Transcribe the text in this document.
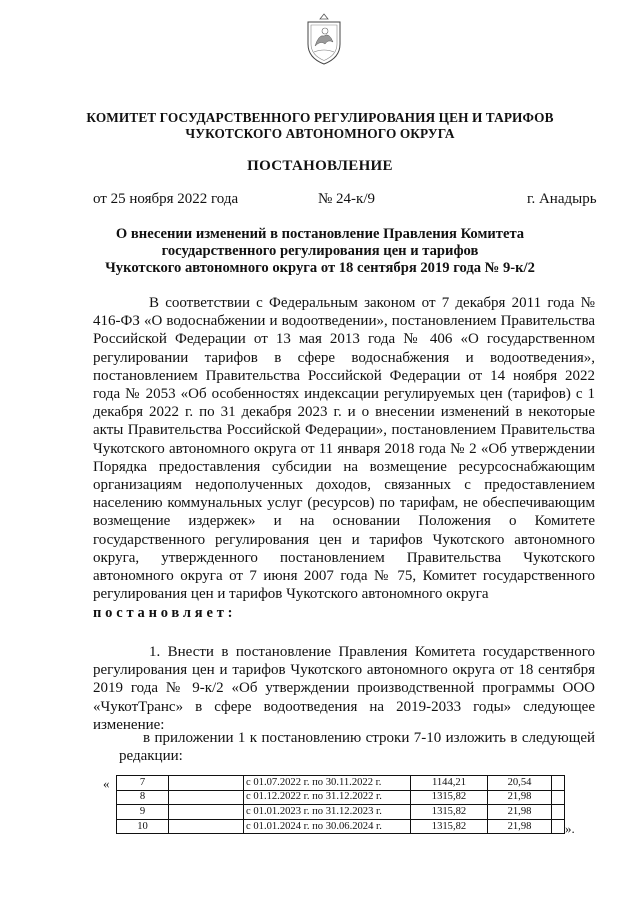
КОМИТЕТ ГОСУДАРСТВЕННОГО РЕГУЛИРОВАНИЯ ЦЕН И ТАРИФОВ
ЧУКОТСКОГО АВТОНОМНОГО ОКРУГА
ПОСТАНОВЛЕНИЕ
от 25 ноября 2022 года	№ 24-к/9	г. Анадырь
О внесении изменений в постановление Правления Комитета
государственного регулирования цен и тарифов
Чукотского автономного округа от 18 сентября 2019 года № 9-к/2

В соответствии с Федеральным законом от 7 декабря 2011 года № 416-ФЗ «О водоснабжении и водоотведении», постановлением Правительства Российской Федерации от 13 мая 2013 года № 406 «О государственном регулировании тарифов в сфере водоснабжения и водоотведения», постановлением Правительства Российской Федерации от 14 ноября 2022 года № 2053 «Об особенностях индексации регулируемых цен (тарифов) с 1 декабря 2022 г. по 31 декабря 2023 г. и о внесении изменений в некоторые акты Правительства Российской Федерации», постановлением Правительства Чукотского автономного округа от 11 января 2018 года № 2 «Об утверждении Порядка предоставления субсидии на возмещение ресурсоснабжающим организациям недополученных доходов, связанных с предоставлением населению коммунальных услуг (ресурсов) по тарифам, не обеспечивающим возмещение издержек» и на основании Положения о Комитете государственного регулирования цен и тарифов Чукотского автономного округа, утвержденного постановлением Правительства Чукотского автономного округа от 7 июня 2007 года № 75, Комитет государственного регулирования цен и тарифов Чукотского автономного округа

постановляет:

1. Внести в постановление Правления Комитета государственного регулирования цен и тарифов Чукотского автономного округа от 18 сентября 2019 года № 9-к/2 «Об утверждении производственной программы ООО «ЧукотТранс» в сфере водоотведения на 2019-2033 годы» следующее изменение:

в приложении 1 к постановлению строки 7-10 изложить в следующей редакции:

«	7		с 01.07.2022 г. по 30.11.2022 г.	1144,21	20,54	
8		с 01.12.2022 г. по 31.12.2022 г.	1315,82	21,98	
9		с 01.01.2023 г. по 31.12.2023 г.	1315,82	21,98	
10		с 01.01.2024 г. по 30.06.2024 г.	1315,82	21,98		».
